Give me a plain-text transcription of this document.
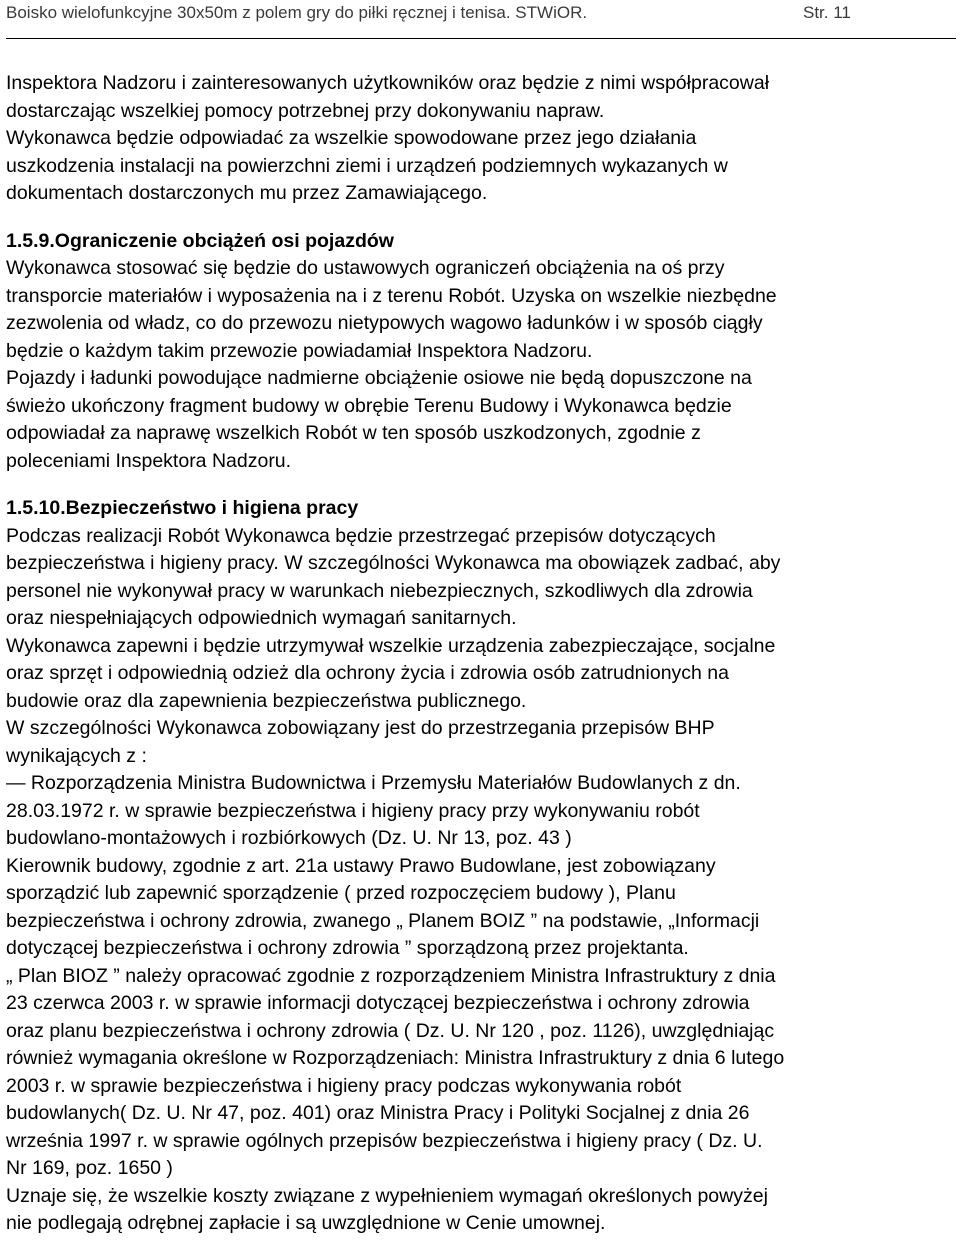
Boisko wielofunkcyjne 30x50m z polem gry do piłki ręcznej i tenisa. STWiOR.	Str. 11

Inspektora Nadzoru i zainteresowanych użytkowników oraz będzie z nimi współpracował

dostarczając wszelkiej pomocy potrzebnej przy dokonywaniu napraw.

Wykonawca będzie odpowiadać za wszelkie spowodowane przez jego działania

uszkodzenia instalacji na powierzchni ziemi i urządzeń podziemnych wykazanych w

dokumentach dostarczonych mu przez Zamawiającego.

1.5.9.Ograniczenie obciążeń osi pojazdów

Wykonawca stosować się będzie do ustawowych ograniczeń obciążenia na oś przy

transporcie materiałów i wyposażenia na i z terenu Robót. Uzyska on wszelkie niezbędne

zezwolenia od władz, co do przewozu nietypowych wagowo ładunków i w sposób ciągły

będzie o każdym takim przewozie powiadamiał Inspektora Nadzoru.

Pojazdy i ładunki powodujące nadmierne obciążenie osiowe nie będą dopuszczone na

świeżo ukończony fragment budowy w obrębie Terenu Budowy i Wykonawca będzie

odpowiadał za naprawę wszelkich Robót w ten sposób uszkodzonych, zgodnie z

poleceniami Inspektora Nadzoru.

1.5.10.Bezpieczeństwo i higiena pracy

Podczas realizacji Robót Wykonawca będzie przestrzegać przepisów dotyczących

bezpieczeństwa i higieny pracy. W szczególności Wykonawca ma obowiązek zadbać, aby

personel nie wykonywał pracy w warunkach niebezpiecznych, szkodliwych dla zdrowia

oraz niespełniających odpowiednich wymagań sanitarnych.

Wykonawca zapewni i będzie utrzymywał wszelkie urządzenia zabezpieczające, socjalne

oraz sprzęt i odpowiednią odzież dla ochrony życia i zdrowia osób zatrudnionych na

budowie oraz dla zapewnienia bezpieczeństwa publicznego.

W szczególności Wykonawca zobowiązany jest do przestrzegania przepisów BHP

wynikających z :

— Rozporządzenia Ministra Budownictwa i Przemysłu Materiałów Budowlanych z dn.

28.03.1972 r. w sprawie bezpieczeństwa i higieny pracy przy wykonywaniu robót

budowlano-montażowych i rozbiórkowych (Dz. U. Nr 13, poz. 43 )

Kierownik budowy, zgodnie z art. 21a ustawy Prawo Budowlane, jest zobowiązany

sporządzić lub zapewnić sporządzenie ( przed rozpoczęciem budowy ), Planu

bezpieczeństwa i ochrony zdrowia, zwanego „ Planem BOIZ ” na podstawie, „Informacji

dotyczącej bezpieczeństwa i ochrony zdrowia ” sporządzoną przez projektanta.

„ Plan BIOZ ” należy opracować zgodnie z rozporządzeniem Ministra Infrastruktury z dnia

23 czerwca 2003 r. w sprawie informacji dotyczącej bezpieczeństwa i ochrony zdrowia

oraz planu bezpieczeństwa i ochrony zdrowia ( Dz. U. Nr 120 , poz. 1126), uwzględniając

również wymagania określone w Rozporządzeniach: Ministra Infrastruktury z dnia 6 lutego

2003 r. w sprawie bezpieczeństwa i higieny pracy podczas wykonywania robót

budowlanych( Dz. U. Nr 47, poz. 401) oraz Ministra Pracy i Polityki Socjalnej z dnia 26

września 1997 r. w sprawie ogólnych przepisów bezpieczeństwa i higieny pracy ( Dz. U.

Nr 169, poz. 1650 )

Uznaje się, że wszelkie koszty związane z wypełnieniem wymagań określonych powyżej

nie podlegają odrębnej zapłacie i są uwzględnione w Cenie umownej.
